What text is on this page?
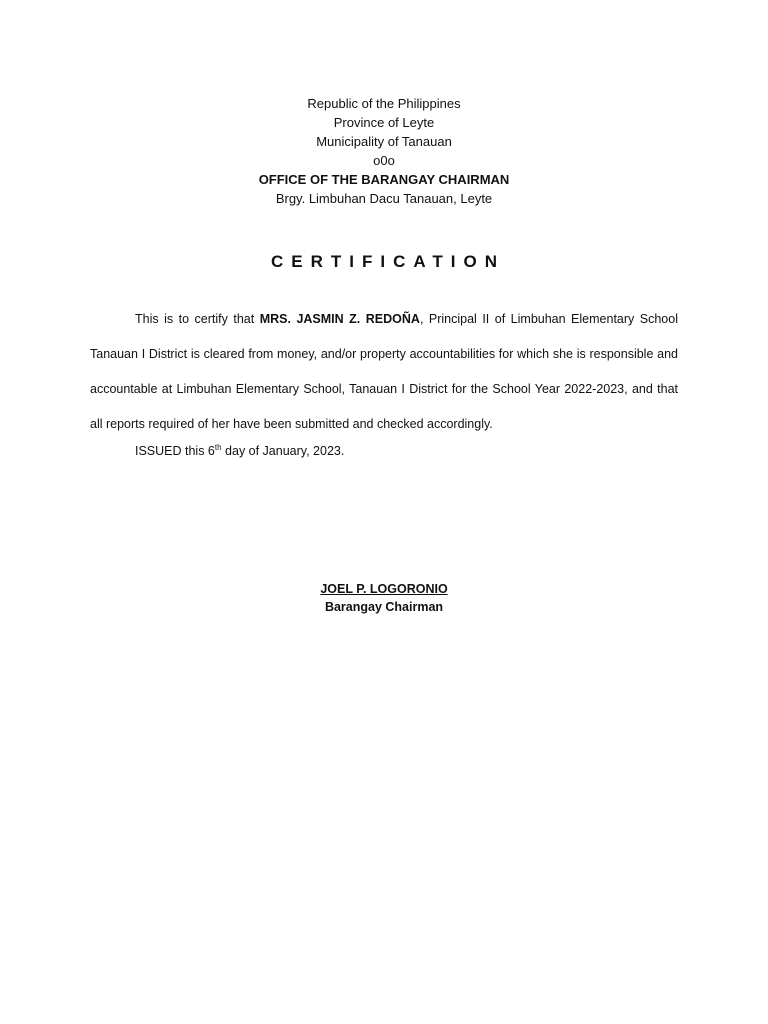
Republic of the Philippines
Province of Leyte
Municipality of Tanauan
o0o
OFFICE OF THE BARANGAY CHAIRMAN
Brgy. Limbuhan Dacu Tanauan, Leyte
CERTIFICATION

This is to certify that MRS. JASMIN Z. REDOÑA, Principal II of Limbuhan Elementary School Tanauan I District is cleared from money, and/or property accountabilities for which she is responsible and accountable at Limbuhan Elementary School, Tanauan I District for the School Year 2022-2023, and that all reports required of her have been submitted and checked accordingly.

ISSUED this 6th day of January, 2023.
JOEL P. LOGORONIO
Barangay Chairman
